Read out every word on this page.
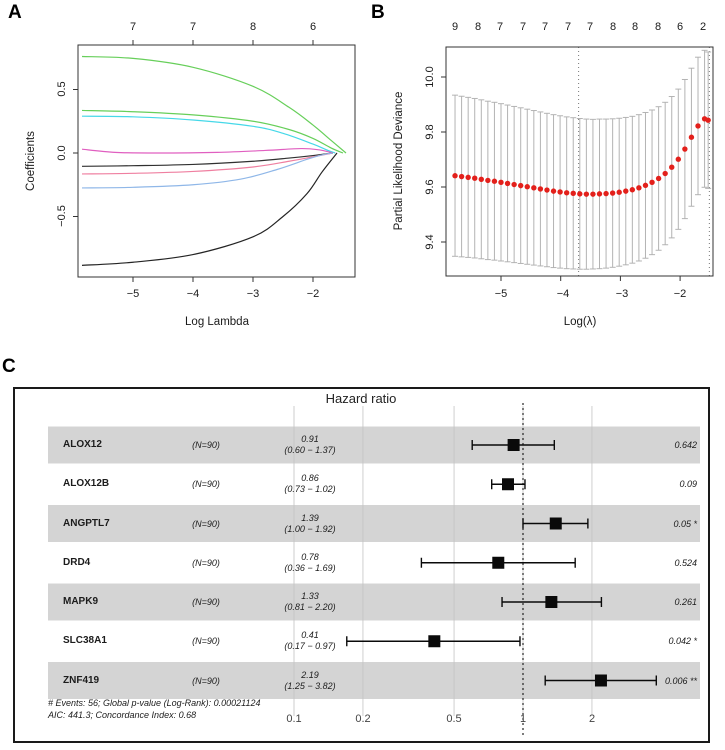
A	B
C
7	7	8	6
0.5
0.0
−0.5
Coefficients
−5	−4	−3	−2
Log Lambda
9 8 7 7 7 7 7 8 8 8 6 2
9.4
9.6
9.8
10.0
Partial Likelihood Deviance
−5	−4	−3	−2
Log(λ)
Hazard ratio
ALOX12	(N=90)
0.91
(0.60 − 1.37)	0.642
ALOX12B	(N=90)
0.86
(0.73 − 1.02)	0.09
ANGPTL7	(N=90)
1.39
(1.00 − 1.92)	0.05 *
DRD4	(N=90)
0.78
(0.36 − 1.69)	0.524
MAPK9	(N=90)
1.33
(0.81 − 2.20)	0.261
SLC38A1	(N=90)
0.41
(0.17 − 0.97)	0.042 *
ZNF419	(N=90)
2.19
(1.25 − 3.82)	0.006 **
# Events: 56; Global p-value (Log-Rank): 0.00021124
AIC: 441.3; Concordance Index: 0.68	0.1	0.2	0.5	1	2
